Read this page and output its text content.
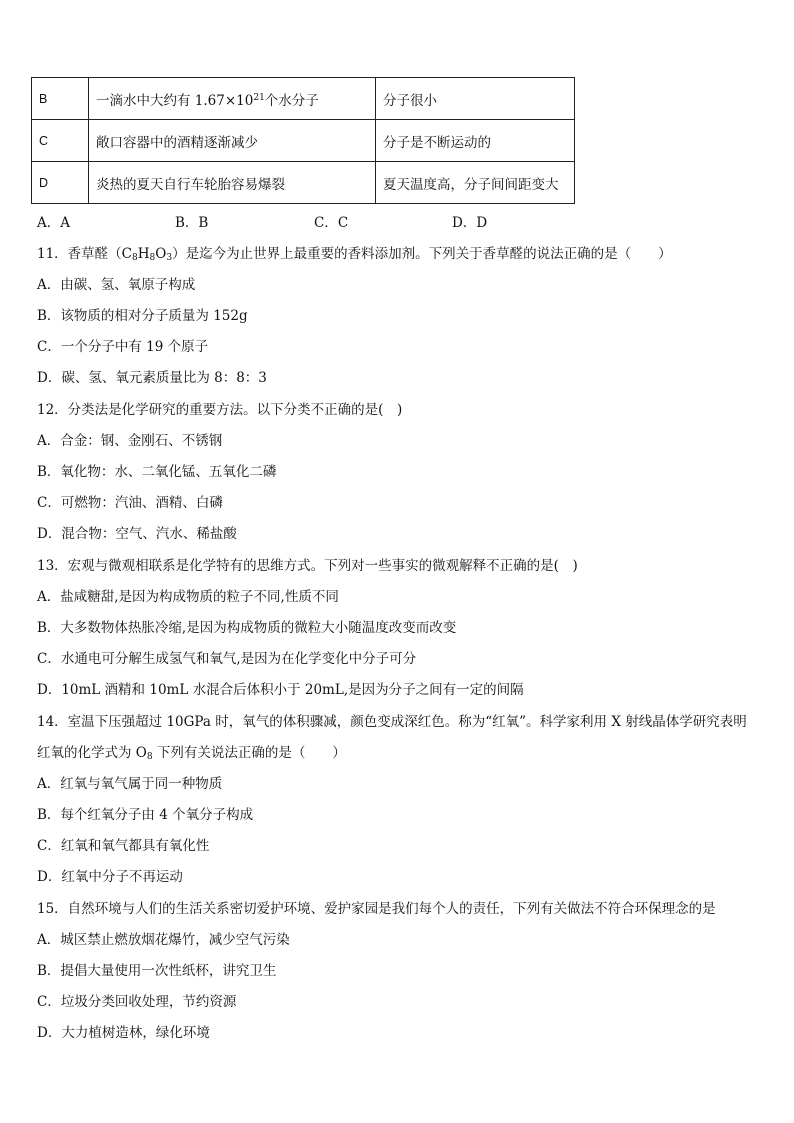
B	一滴水中大约有 $1.67\times 10^{21}$个水分子	分子很小
C	敞口容器中的酒精逐渐减少	分子是不断运动的
D	炎热的夏天自行车轮胎容易爆裂	夏天温度高，分子间间距变大
A．A	B．B	C．C	D．D
11．香草醛$(C_8H_8O_3)$是迄今为止世界上最重要的香料添加剂。下列关于香草醛的说法正确的是（　　）
A．由碳、氢、氧原子构成
B．该物质的相对分子质量为 152g
C．一个分子中有 19 个原子
D．碳、氢、氧元素质量比为 8：8：3
12．分类法是化学研究的重要方法。以下分类不正确的是(　)
A．合金：钢、金刚石、不锈钢
B．氧化物：水、二氧化锰、五氧化二磷
C．可燃物：汽油、酒精、白磷
D．混合物：空气、汽水、稀盐酸
13．宏观与微观相联系是化学特有的思维方式。下列对一些事实的微观解释不正确的是(　)
A．盐咸糖甜,是因为构成物质的粒子不同,性质不同
B．大多数物体热胀冷缩,是因为构成物质的微粒大小随温度改变而改变
C．水通电可分解生成氢气和氧气,是因为在化学变化中分子可分
D．10mL 酒精和 10mL 水混合后体积小于 20mL,是因为分子之间有一定的间隔
14．室温下压强超过 10GPa 时，氧气的体积骤减，颜色变成深红色。称为“红氧”。科学家利用 X 射线晶体学研究表明
红氧的化学式为 $O_8$ 下列有关说法正确的是（　　）
A．红氧与氧气属于同一种物质
B．每个红氧分子由 4 个氧分子构成
C．红氧和氧气都具有氧化性
D．红氧中分子不再运动
15．自然环境与人们的生活关系密切爱护环境、爱护家园是我们每个人的责任，下列有关做法不符合环保理念的是
A．城区禁止燃放烟花爆竹，减少空气污染
B．提倡大量使用一次性纸杯，讲究卫生
C．垃圾分类回收处理，节约资源
D．大力植树造林，绿化环境
